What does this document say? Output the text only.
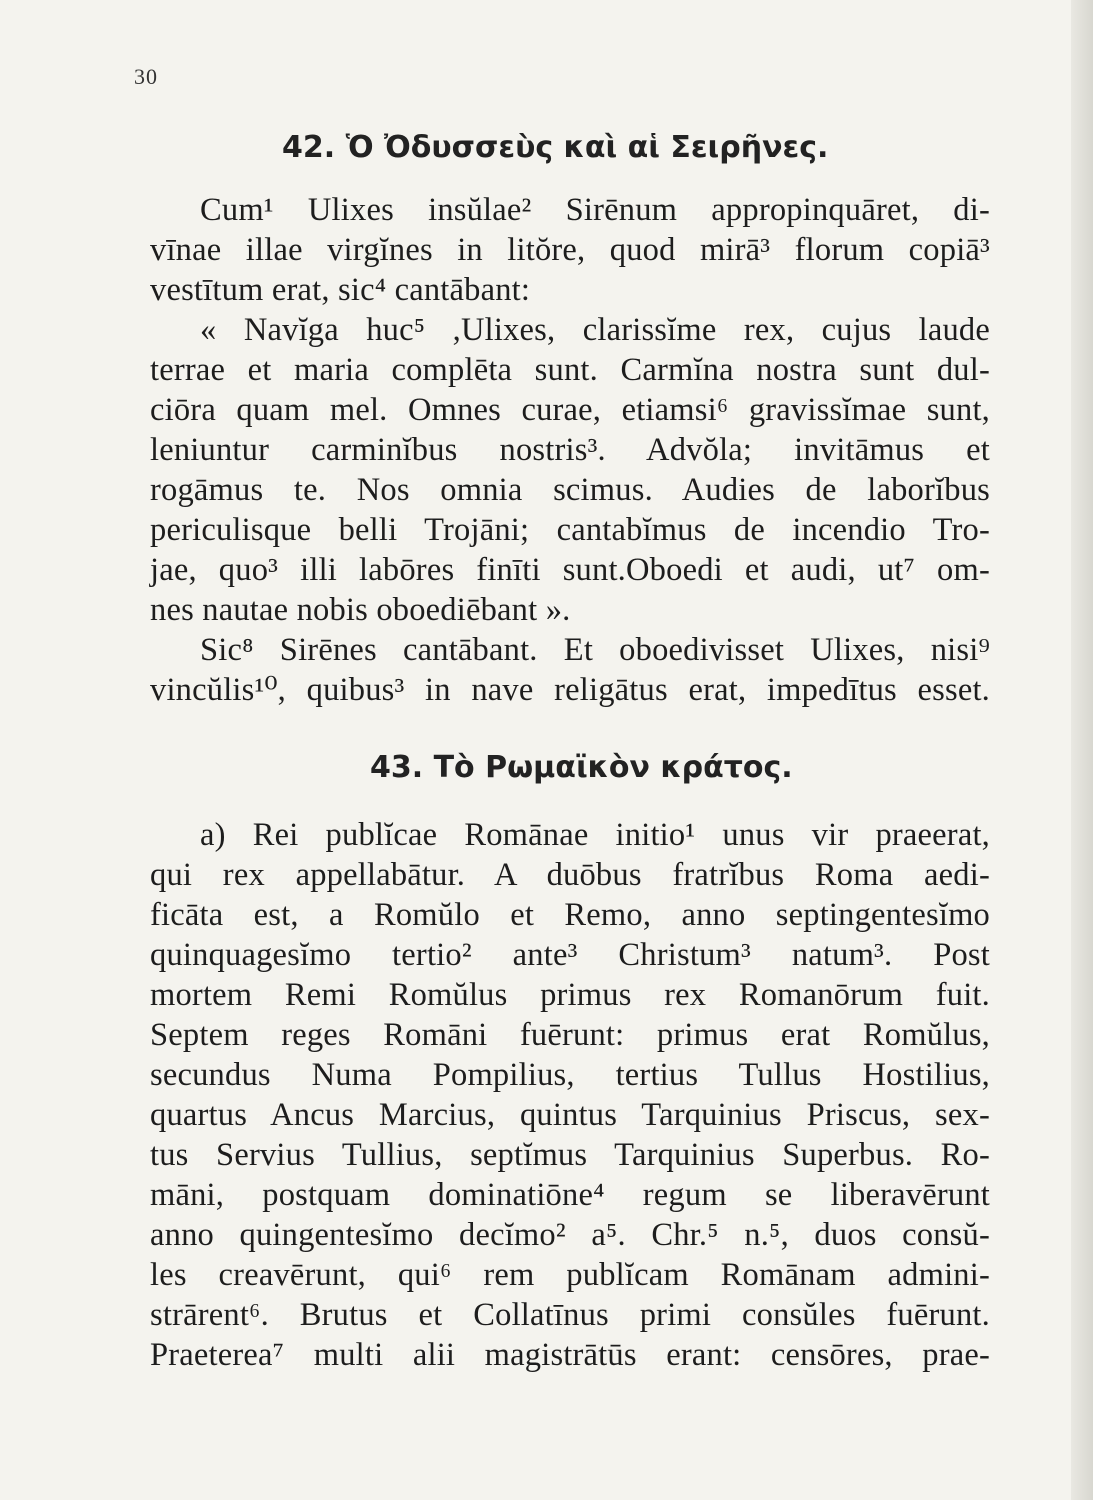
30
42. Ὁ Ὀδυσσεὺς καὶ αἱ Σειρῆνες.
Cum¹ Ulixes insŭlae² Sirēnum appropinquāret, di-
vīnae illae virgĭnes in litŏre, quod mirā³ florum copiā³
vestītum erat, sic⁴ cantābant:
« Navĭga huc⁵ ,Ulixes, clarissĭme rex, cujus laude
terrae et maria complēta sunt. Carmĭna nostra sunt dul-
ciōra quam mel. Omnes curae, etiamsi⁶ gravissĭmae sunt,
leniuntur carminĭbus nostris³. Advŏla; invitāmus et
rogāmus te. Nos omnia scimus. Audies de laborĭbus
periculisque belli Trojāni; cantabĭmus de incendio Tro-
jae, quo³ illi labōres finīti sunt.Oboedi et audi, ut⁷ om-
nes nautae nobis oboediēbant ».
Sic⁸ Sirēnes cantābant. Et oboedivisset Ulixes, nisi⁹
vincŭlis¹⁰, quibus³ in nave religātus erat, impedītus esset.
43. Τὸ Ρωμαϊκὸν κράτος.
a) Rei publĭcae Romānae initio¹ unus vir praeerat,
qui rex appellabātur. A duōbus fratrĭbus Roma aedi-
ficāta est, a Romŭlo et Remo, anno septingentesĭmo
quinquagesĭmo tertio² ante³ Christum³ natum³. Post
mortem Remi Romŭlus primus rex Romanōrum fuit.
Septem reges Romāni fuērunt: primus erat Romŭlus,
secundus Numa Pompilius, tertius Tullus Hostilius,
quartus Ancus Marcius, quintus Tarquinius Priscus, sex-
tus Servius Tullius, septĭmus Tarquinius Superbus. Ro-
māni, postquam dominatiōne⁴ regum se liberavērunt
anno quingentesĭmo decĭmo² a⁵. Chr.⁵ n.⁵, duos consŭ-
les creavērunt, qui⁶ rem publĭcam Romānam admini-
strārent⁶. Brutus et Collatīnus primi consŭles fuērunt.
Praeterea⁷ multi alii magistrātūs erant: censōres, prae-
